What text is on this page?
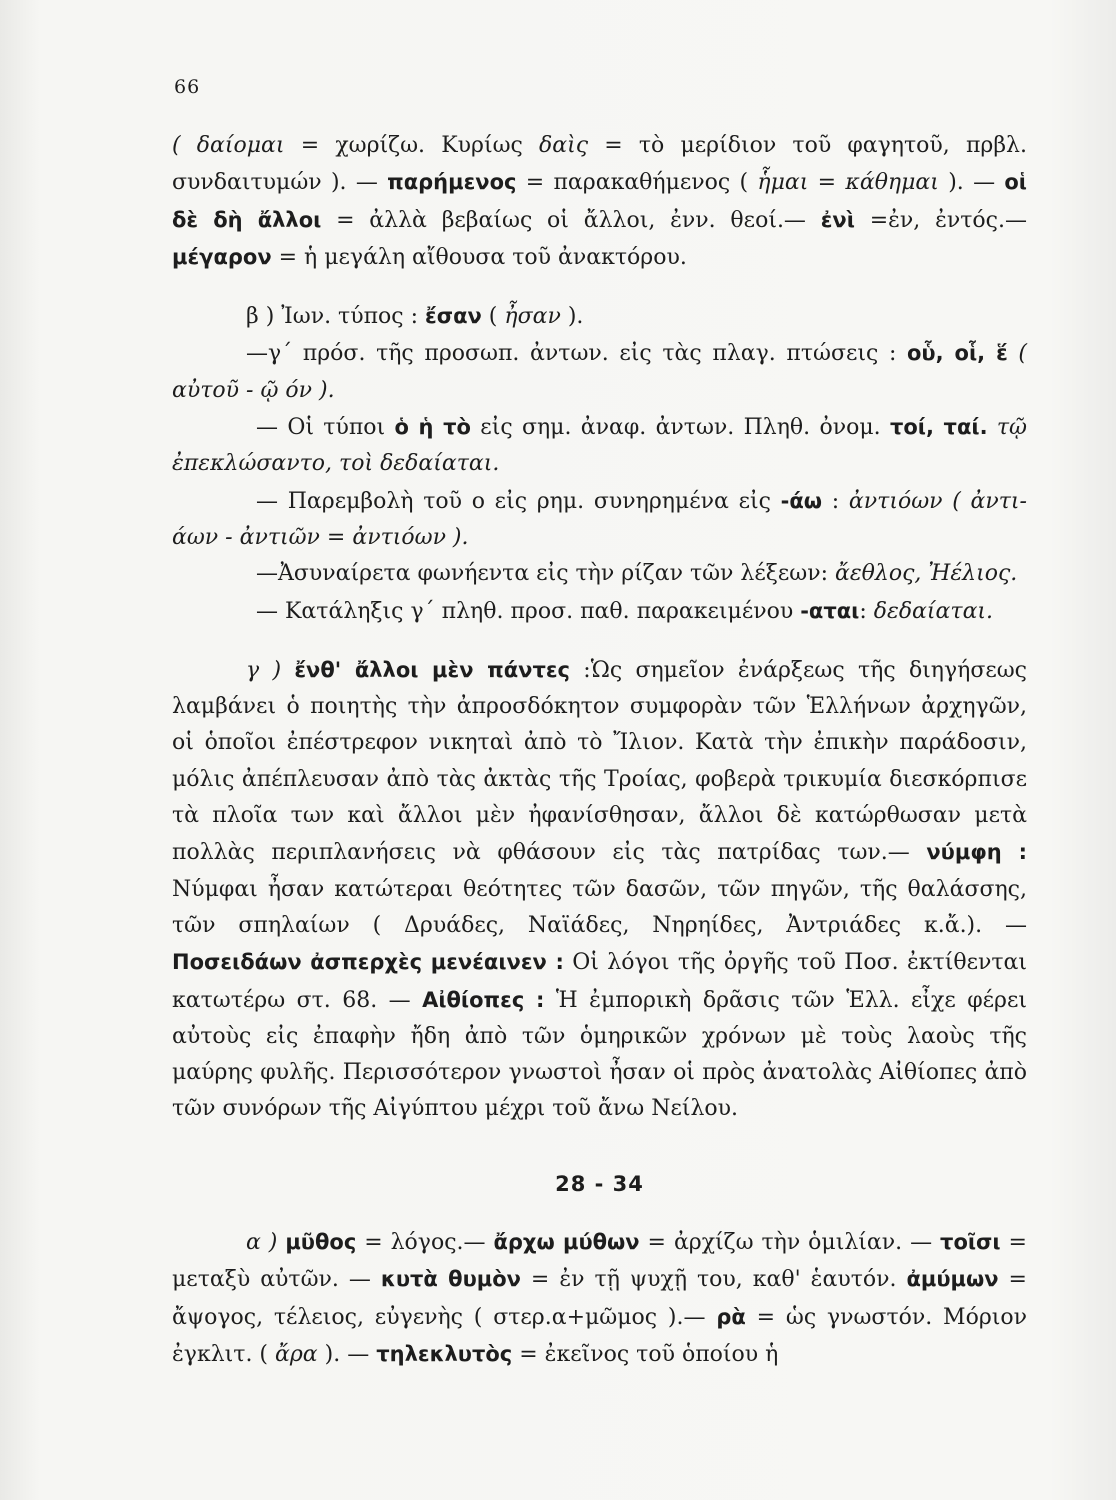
66

( δαίομαι = χωρίζω. Κυρίως δαὶς = τὸ μερίδιον τοῦ φαγητοῦ, πρβλ. συνδαιτυμών ). — παρήμενος = παρακαθήμενος ( ἧμαι = κάθημαι ). — οἱ δὲ δὴ ἄλλοι = ἀλλὰ βεβαίως οἱ ἄλλοι, ἐνν. θεοί.— ἐνὶ =ἐν, ἐντός.— μέγαρον = ἡ μεγάλη αἴθουσα τοῦ ἀνακτόρου.

β ) Ἰων. τύπος : ἔσαν ( ἦσαν ).

—γ΄ πρόσ. τῆς προσωπ. ἀντων. εἰς τὰς πλαγ. πτώσεις : οὗ, οἷ, ἕ ( αὐτοῦ - ῷ όν ).

— Οἱ τύποι ὁ ἡ τὸ εἰς σημ. ἀναφ. ἀντων. Πληθ. ὀνομ. τοί, ταί. τῷ ἐπεκλώσαντο, τοὶ δεδαίαται.

— Παρεμβολὴ τοῦ ο εἰς ρημ. συνηρημένα εἰς -άω : ἀντιόων ( ἀντι-άων - ἀντιῶν = ἀντιόων ).

—Ἀσυναίρετα φωνήεντα εἰς τὴν ρίζαν τῶν λέξεων: ἄεθλος, Ἠέλιος.

— Κατάληξις γ΄ πληθ. προσ. παθ. παρακειμένου -αται: δεδαίαται.

γ ) ἔνθ' ἄλλοι μὲν πάντες :Ὡς σημεῖον ἐνάρξεως τῆς διηγήσεως λαμβάνει ὁ ποιητὴς τὴν ἀπροσδόκητον συμφορὰν τῶν Ἑλλήνων ἀρχηγῶν, οἱ ὁποῖοι ἐπέστρεφον νικηταὶ ἀπὸ τὸ Ἴλιον. Κατὰ τὴν ἐπικὴν παράδοσιν, μόλις ἀπέπλευσαν ἀπὸ τὰς ἀκτὰς τῆς Τροίας, φοβερὰ τρικυμία διεσκόρπισε τὰ πλοῖα των καὶ ἄλλοι μὲν ἠφανίσθησαν, ἄλλοι δὲ κατώρθωσαν μετὰ πολλὰς περιπλανήσεις νὰ φθάσουν εἰς τὰς πατρίδας των.— νύμφη : Νύμφαι ἦσαν κατώτεραι θεότητες τῶν δασῶν, τῶν πηγῶν, τῆς θαλάσσης, τῶν σπηλαίων ( Δρυάδες, Ναϊάδες, Νηρηίδες, Ἀντριάδες κ.ἄ.). — Ποσειδάων ἀσπερχὲς μενέαινεν : Οἱ λόγοι τῆς ὀργῆς τοῦ Ποσ. ἐκτίθενται κατωτέρω στ. 68. — Αἰθίοπες : Ἡ ἐμπορικὴ δρᾶσις τῶν Ἑλλ. εἶχε φέρει αὐτοὺς εἰς ἐπαφὴν ἤδη ἀπὸ τῶν ὁμηρικῶν χρόνων μὲ τοὺς λαοὺς τῆς μαύρης φυλῆς. Περισσότερον γνωστοὶ ἦσαν οἱ πρὸς ἀνατολὰς Αἰθίοπες ἀπὸ τῶν συνόρων τῆς Αἰγύπτου μέχρι τοῦ ἄνω Νείλου.

28 - 34

α ) μῦθος = λόγος.— ἄρχω μύθων = ἀρχίζω τὴν ὁμιλίαν. — τοῖσι = μεταξὺ αὐτῶν. — κυτὰ θυμὸν = ἐν τῇ ψυχῇ του, καθ' ἑαυτόν. ἀμύμων = ἄψογος, τέλειος, εὐγενὴς ( στερ.α+μῶμος ).— ρὰ = ὡς γνωστόν. Μόριον ἐγκλιτ. ( ἄρα ). — τηλεκλυτὸς = ἐκεῖνος τοῦ ὁποίου ἡ
